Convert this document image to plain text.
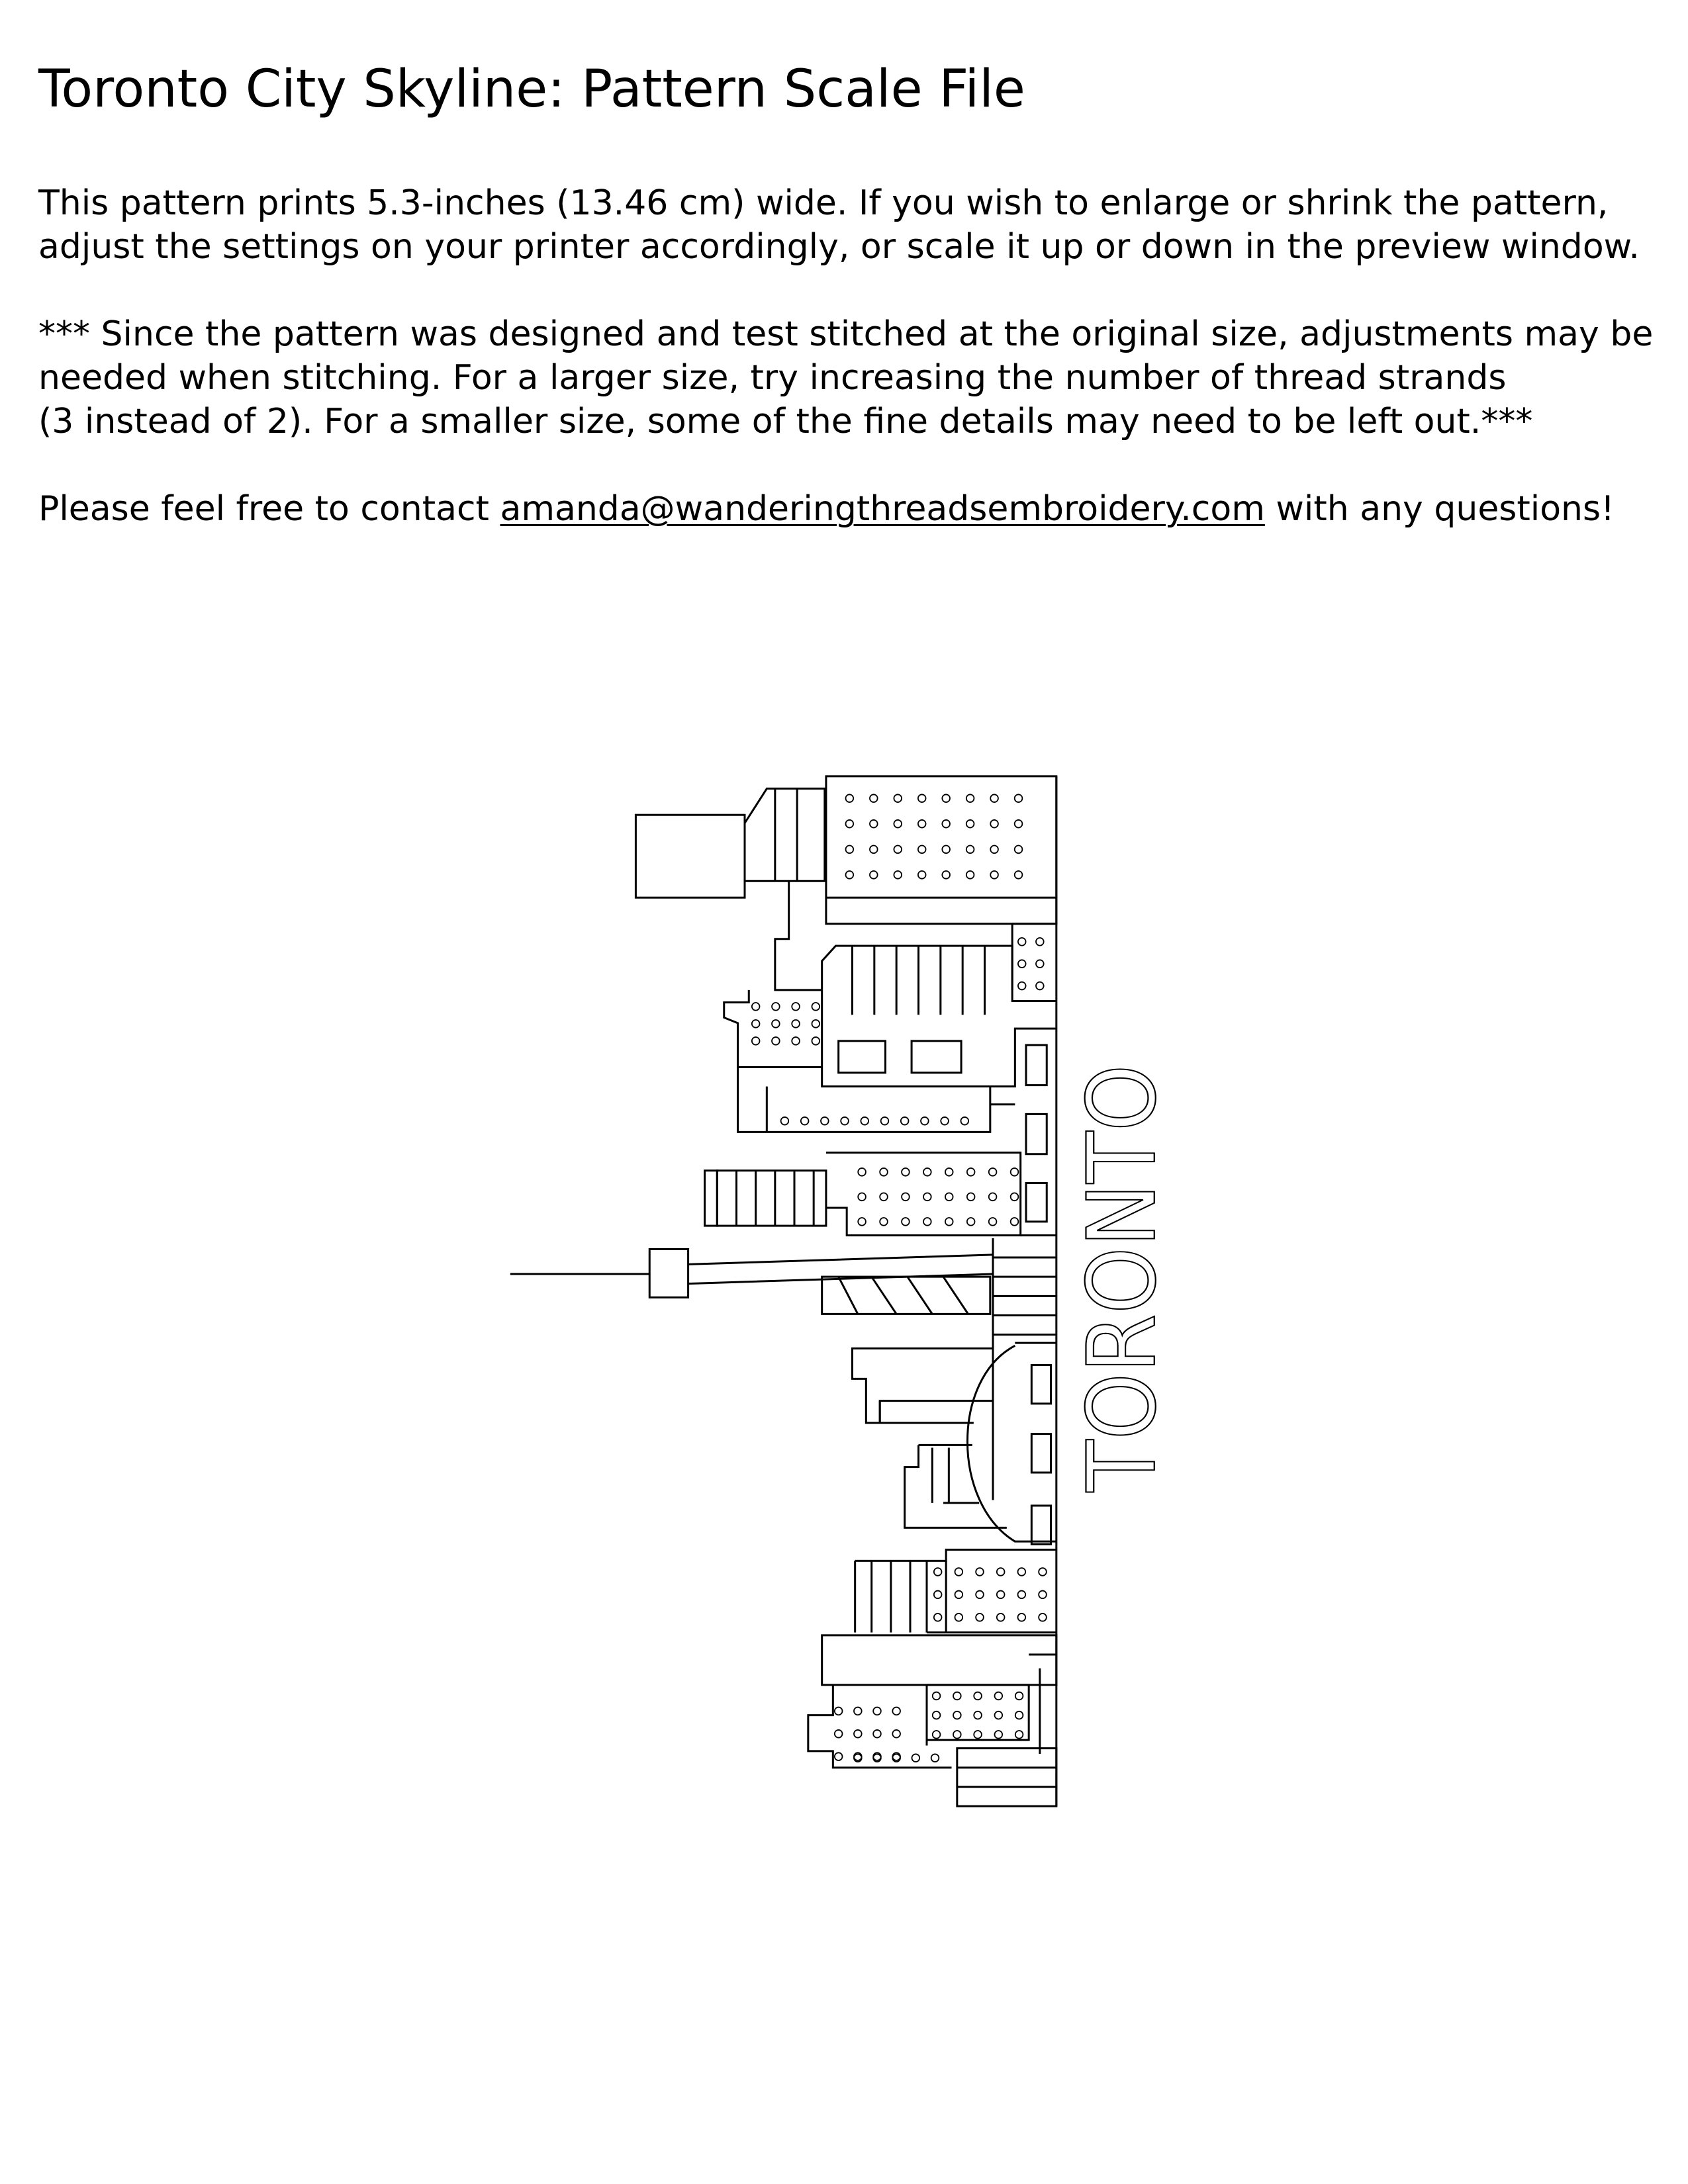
Toronto City Skyline: Pattern Scale File
This pattern prints 5.3-inches (13.46 cm) wide. If you wish to enlarge or shrink the pattern,
adjust the settings on your printer accordingly, or scale it up or down in the preview window.
*** Since the pattern was designed and test stitched at the original size, adjustments may be
needed when stitching. For a larger size, try increasing the number of thread strands
(3 instead of 2). For a smaller size, some of the fine details may need to be left out.***
Please feel free to contact amanda@wanderingthreadsembroidery.com with any questions!
TORONTO
